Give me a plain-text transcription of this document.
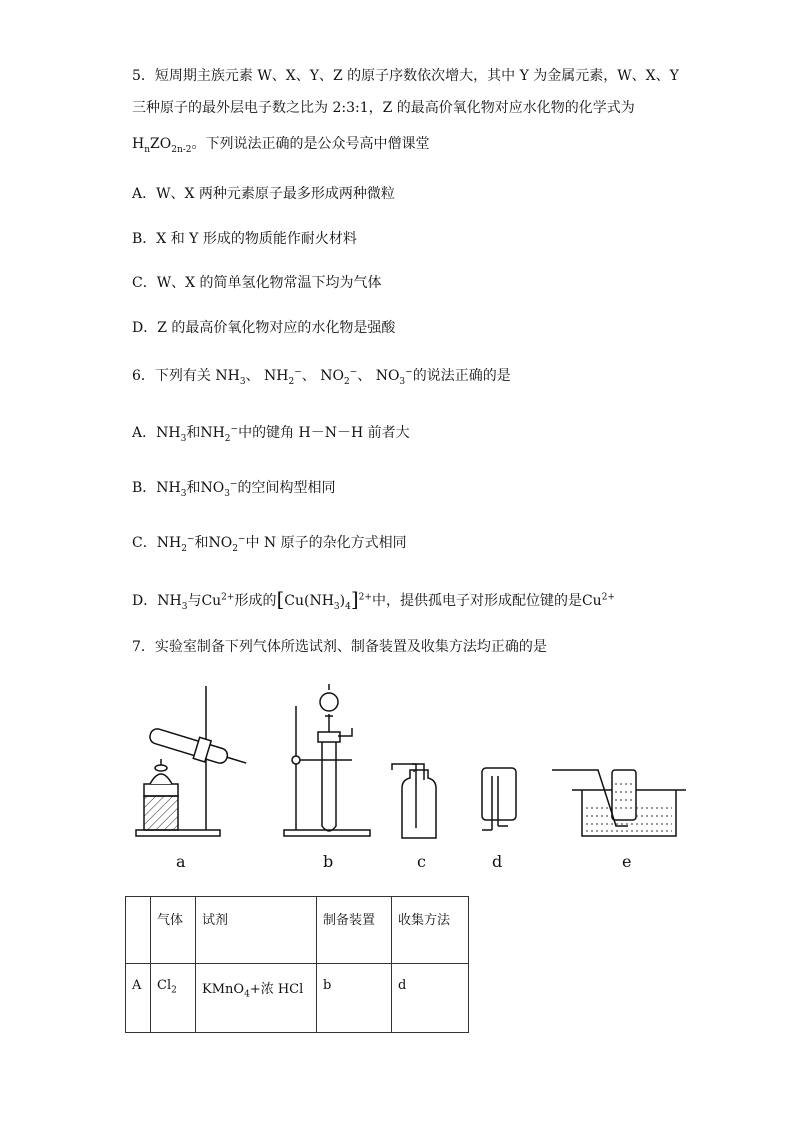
5．短周期主族元素 W、X、Y、Z 的原子序数依次增大，其中 Y 为金属元素，W、X、Y
三种原子的最外层电子数之比为 2:3:1，Z 的最高价氧化物对应水化物的化学式为
$H_nZO_{2n-2}$。下列说法正确的是公众号高中僧课堂
A．W、X 两种元素原子最多形成两种微粒
B．X 和 Y 形成的物质能作耐火材料
C．W、X 的简单氢化物常温下均为气体
D．Z 的最高价氧化物对应的水化物是强酸
6．下列有关 $NH_3$、 $NH_2^-$、 $NO_2^-$、 $NO_3^-$的说法正确的是
A．$NH_3$和$NH_2^-$中的键角 H－N－H 前者大
B．$NH_3$和$NO_3^-$的空间构型相同
C．$NH_2^-$和$NO_2^-$中 N 原子的杂化方式相同
D．$NH_3$与$Cu^{2+}$形成的$[Cu(NH_3)_4]^{2+}$中，提供孤电子对形成配位键的是$Cu^{2+}$
7．实验室制备下列气体所选试剂、制备装置及收集方法均正确的是
a	b	c	d	e
	气体	试剂	制备装置	收集方法
A	$Cl_2$	KMnO$_4$+浓 HCl	b	d
